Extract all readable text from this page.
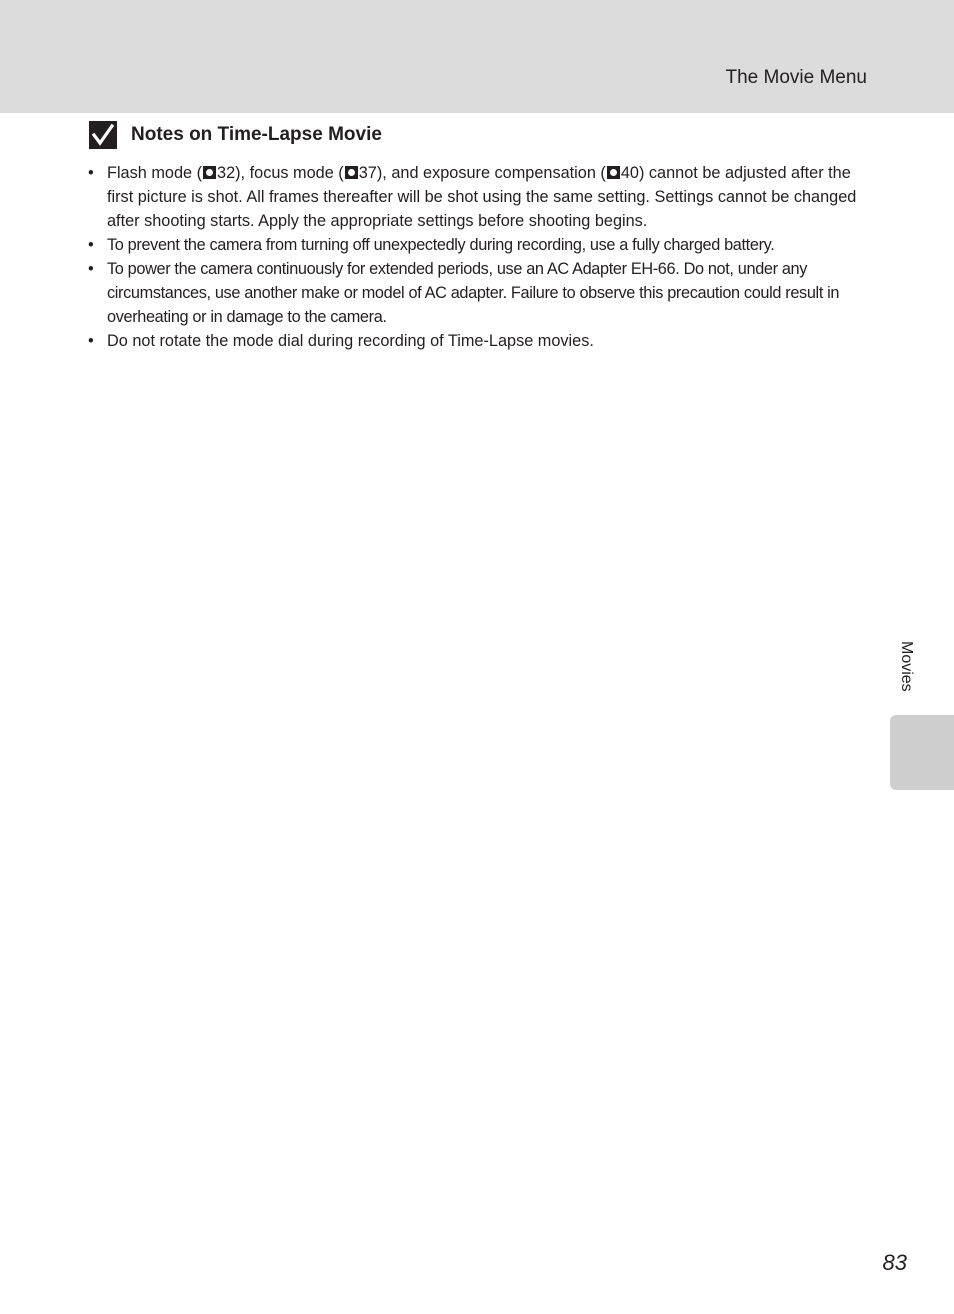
The Movie Menu
Notes on Time-Lapse Movie
• Flash mode ( 32), focus mode ( 37), and exposure compensation ( 40) cannot be adjusted after the first picture is shot. All frames thereafter will be shot using the same setting. Settings cannot be changed after shooting starts. Apply the appropriate settings before shooting begins.
• To prevent the camera from turning off unexpectedly during recording, use a fully charged battery.
• To power the camera continuously for extended periods, use an AC Adapter EH-66. Do not, under any circumstances, use another make or model of AC adapter. Failure to observe this precaution could result in overheating or in damage to the camera.
• Do not rotate the mode dial during recording of Time-Lapse movies.
Movies
83
